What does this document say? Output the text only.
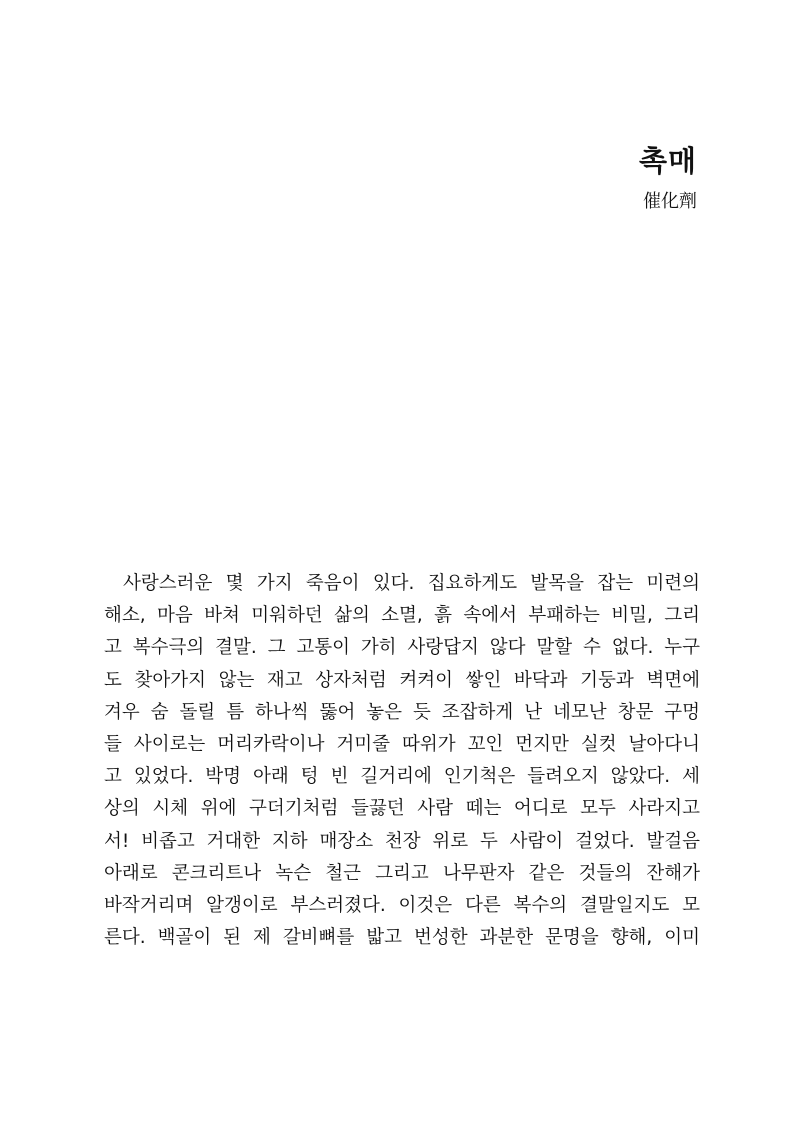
촉매

催化劑

사랑스러운 몇 가지 죽음이 있다. 집요하게도 발목을 잡는 미련의
해소, 마음 바쳐 미워하던 삶의 소멸, 흙 속에서 부패하는 비밀, 그리
고 복수극의 결말. 그 고통이 가히 사랑답지 않다 말할 수 없다. 누구
도 찾아가지 않는 재고 상자처럼 켜켜이 쌓인 바닥과 기둥과 벽면에
겨우 숨 돌릴 틈 하나씩 뚫어 놓은 듯 조잡하게 난 네모난 창문 구멍
들 사이로는 머리카락이나 거미줄 따위가 꼬인 먼지만 실컷 날아다니
고 있었다. 박명 아래 텅 빈 길거리에 인기척은 들려오지 않았다. 세
상의 시체 위에 구더기처럼 들끓던 사람 떼는 어디로 모두 사라지고
서! 비좁고 거대한 지하 매장소 천장 위로 두 사람이 걸었다. 발걸음
아래로 콘크리트나 녹슨 철근 그리고 나무판자 같은 것들의 잔해가
바작거리며 알갱이로 부스러졌다. 이것은 다른 복수의 결말일지도 모
른다. 백골이 된 제 갈비뼈를 밟고 번성한 과분한 문명을 향해, 이미
